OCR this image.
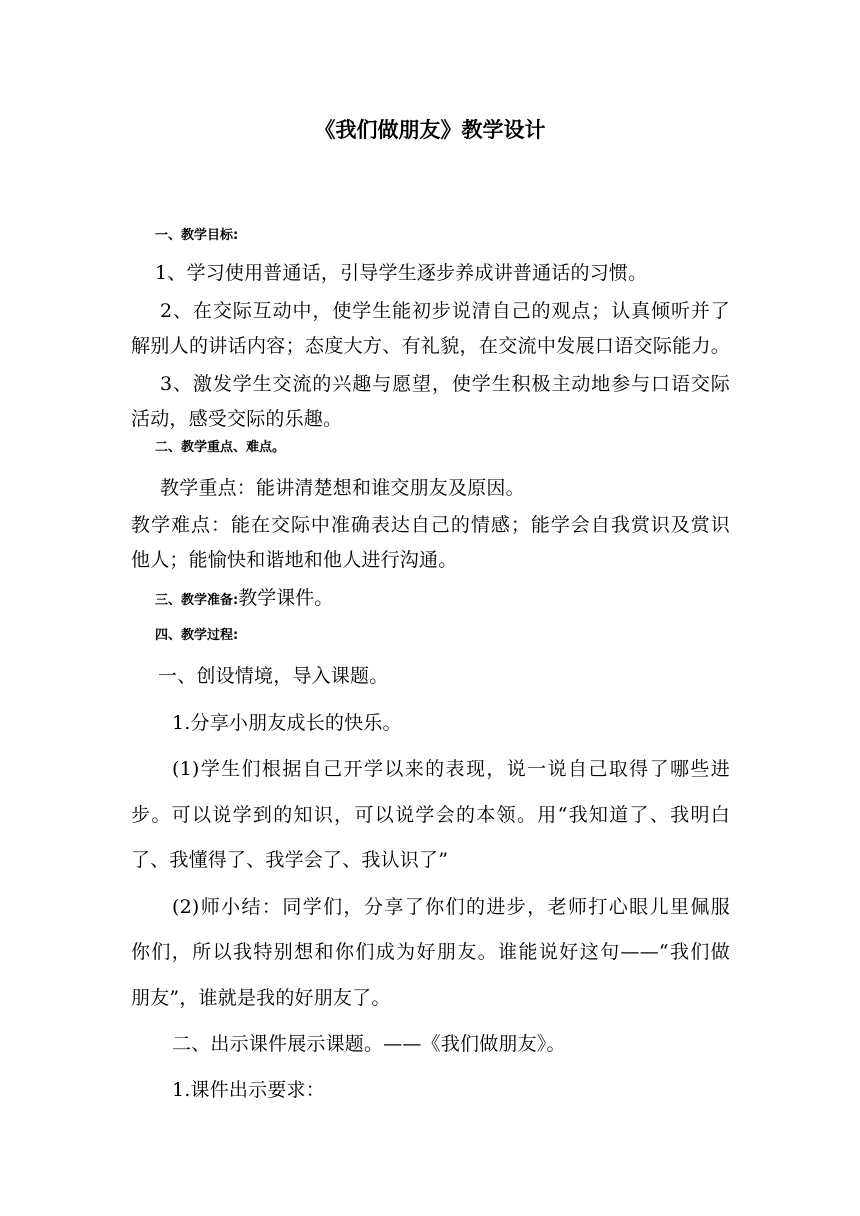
《我们做朋友》教学设计
一、教学目标:
1、学习使用普通话，引导学生逐步养成讲普通话的习惯。
2、在交际互动中，使学生能初步说清自己的观点；认真倾听并了
解别人的讲话内容；态度大方、有礼貌，在交流中发展口语交际能力。
3、激发学生交流的兴趣与愿望，使学生积极主动地参与口语交际
活动，感受交际的乐趣。
二、教学重点、难点。
教学重点：能讲清楚想和谁交朋友及原因。
教学难点：能在交际中准确表达自己的情感；能学会自我赏识及赏识
他人；能愉快和谐地和他人进行沟通。
三、教学准备:教学课件。
四、教学过程:
一、创设情境，导入课题。
1.分享小朋友成长的快乐。
(1)学生们根据自己开学以来的表现，说一说自己取得了哪些进
步。可以说学到的知识，可以说学会的本领。用“我知道了、我明白
了、我懂得了、我学会了、我认识了”
(2)师小结：同学们，分享了你们的进步，老师打心眼儿里佩服
你们，所以我特别想和你们成为好朋友。谁能说好这句——“我们做
朋友”，谁就是我的好朋友了。
二、出示课件展示课题。——《我们做朋友》。
1.课件出示要求：
